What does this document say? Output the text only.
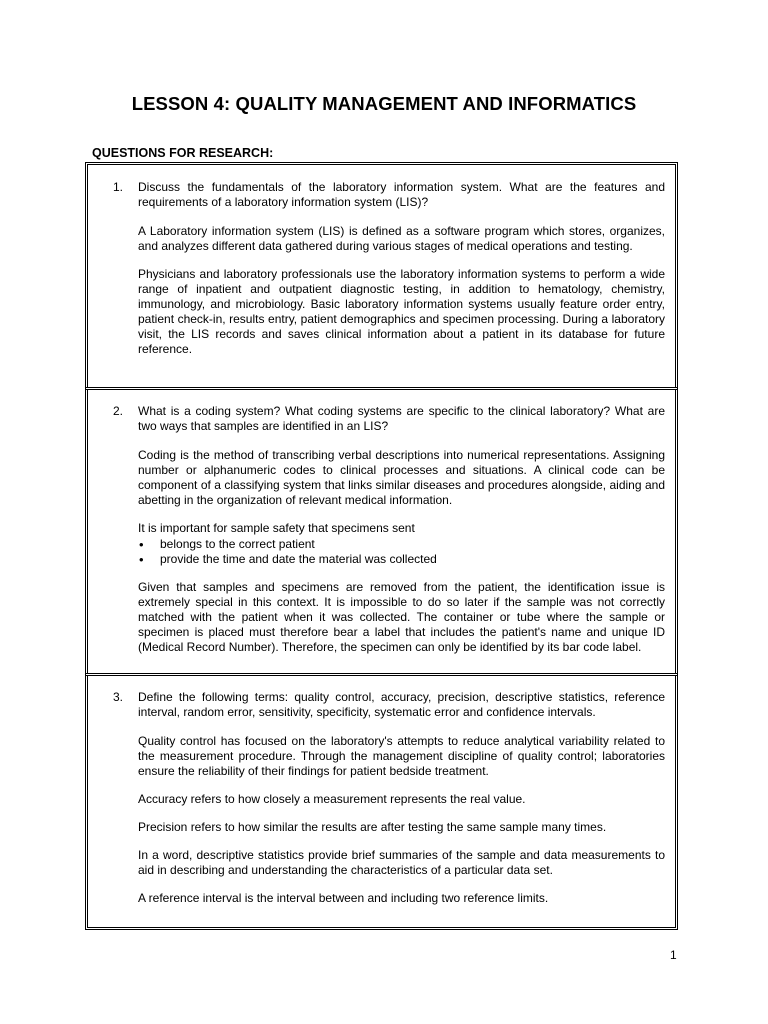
LESSON 4: QUALITY MANAGEMENT AND INFORMATICS
QUESTIONS FOR RESEARCH:
1. Discuss the fundamentals of the laboratory information system. What are the features and requirements of a laboratory information system (LIS)?

A Laboratory information system (LIS) is defined as a software program which stores, organizes, and analyzes different data gathered during various stages of medical operations and testing.

Physicians and laboratory professionals use the laboratory information systems to perform a wide range of inpatient and outpatient diagnostic testing, in addition to hematology, chemistry, immunology, and microbiology. Basic laboratory information systems usually feature order entry, patient check-in, results entry, patient demographics and specimen processing. During a laboratory visit, the LIS records and saves clinical information about a patient in its database for future reference.

2. What is a coding system? What coding systems are specific to the clinical laboratory? What are two ways that samples are identified in an LIS?

Coding is the method of transcribing verbal descriptions into numerical representations. Assigning number or alphanumeric codes to clinical processes and situations. A clinical code can be component of a classifying system that links similar diseases and procedures alongside, aiding and abetting in the organization of relevant medical information.

It is important for sample safety that specimens sent

• belongs to the correct patient
• provide the time and date the material was collected

Given that samples and specimens are removed from the patient, the identification issue is extremely special in this context. It is impossible to do so later if the sample was not correctly matched with the patient when it was collected. The container or tube where the sample or specimen is placed must therefore bear a label that includes the patient's name and unique ID (Medical Record Number). Therefore, the specimen can only be identified by its bar code label.

3. Define the following terms: quality control, accuracy, precision, descriptive statistics, reference interval, random error, sensitivity, specificity, systematic error and confidence intervals.

Quality control has focused on the laboratory's attempts to reduce analytical variability related to the measurement procedure. Through the management discipline of quality control; laboratories ensure the reliability of their findings for patient bedside treatment.

Accuracy refers to how closely a measurement represents the real value.

Precision refers to how similar the results are after testing the same sample many times.

In a word, descriptive statistics provide brief summaries of the sample and data measurements to aid in describing and understanding the characteristics of a particular data set.

A reference interval is the interval between and including two reference limits.

1
